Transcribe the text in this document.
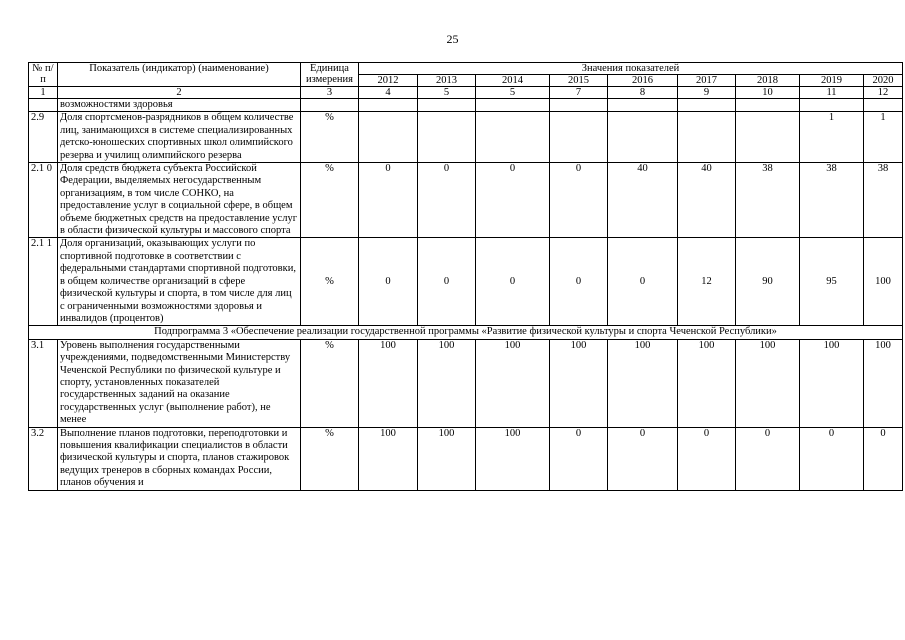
25
№ п/п	Показатель (индикатор) (наименование)	Единица измерения	Значения показателей								
			2012	2013	2014	2015	2016	2017	2018	2019	2020
1	2	3	4	5	5	7	8	9	10	11	12
	возможностями здоровья										
2.9	Доля спортсменов-разрядников в общем количестве лиц, занимающихся в системе специализированных детско-юношеских спортивных школ олимпийского резерва и училищ олимпийского резерва	%								1	1
2.1 0	Доля средств бюджета субъекта Российской Федерации, выделяемых негосударственным организациям, в том числе СОНКО, на предоставление услуг в социальной сфере, в общем объеме бюджетных средств на предоставление услуг в области физической культуры и массового спорта	%	0	0	0	0	40	40	38	38	38
2.1 1	Доля организаций, оказывающих услуги по спортивной подготовке в соответствии с федеральными стандартами спортивной подготовки, в общем количестве организаций в сфере физической культуры и спорта, в том числе для лиц с ограниченными возможностями здоровья и инвалидов (процентов)	%	0	0	0	0	0	12	90	95	100
Подпрограмма 3 «Обеспечение реализации государственной программы «Развитие физической культуры и спорта Чеченской Республики»											
3.1	Уровень выполнения государственными учреждениями, подведомственными Министерству Чеченской Республики по физической культуре и спорту, установленных показателей государственных заданий на оказание государственных услуг (выполнение работ), не менее	%	100	100	100	100	100	100	100	100	100
3.2	Выполнение планов подготовки, переподготовки и повышения квалификации специалистов в области физической культуры и спорта, планов стажировок ведущих тренеров в сборных командах России, планов обучения и	%	100	100	100	0	0	0	0	0	0
